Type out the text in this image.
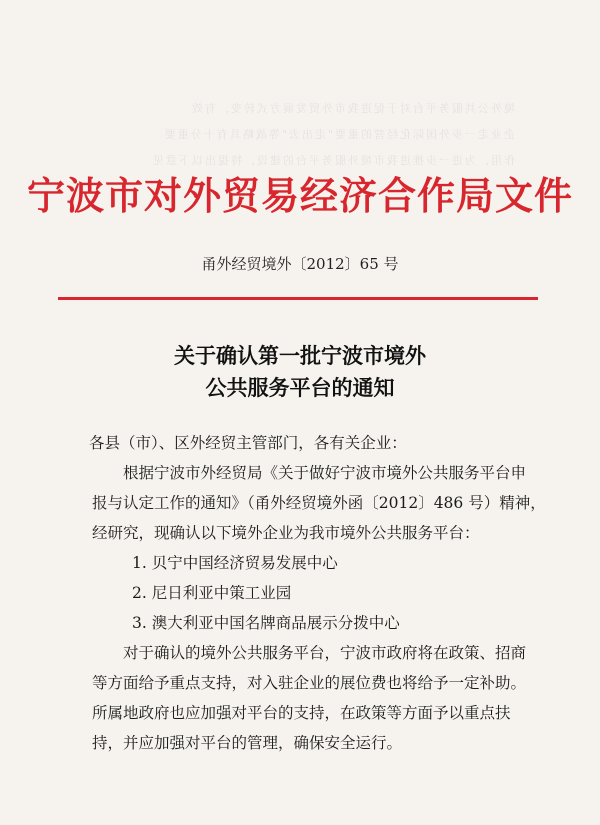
境外公共服务平台对于促进我市外贸发展方式转变，有效
企业走一步外国际化经营的重要"走出去"等战略具有十分重要
作用，为进一步推进我市境外服务平台的建设，特提出以下意见
宁波市对外贸易经济合作局文件
甬外经贸境外〔2012〕65 号
关于确认第一批宁波市境外
公共服务平台的通知

各县（市）、区外经贸主管部门，各有关企业：

根据宁波市外经贸局《关于做好宁波市境外公共服务平台申

报与认定工作的通知》（甬外经贸境外函〔2012〕486 号）精神，

经研究，现确认以下境外企业为我市境外公共服务平台：

1. 贝宁中国经济贸易发展中心

2. 尼日利亚中策工业园

3. 澳大利亚中国名牌商品展示分拨中心

对于确认的境外公共服务平台，宁波市政府将在政策、招商

等方面给予重点支持，对入驻企业的展位费也将给予一定补助。

所属地政府也应加强对平台的支持，在政策等方面予以重点扶

持，并应加强对平台的管理，确保安全运行。
